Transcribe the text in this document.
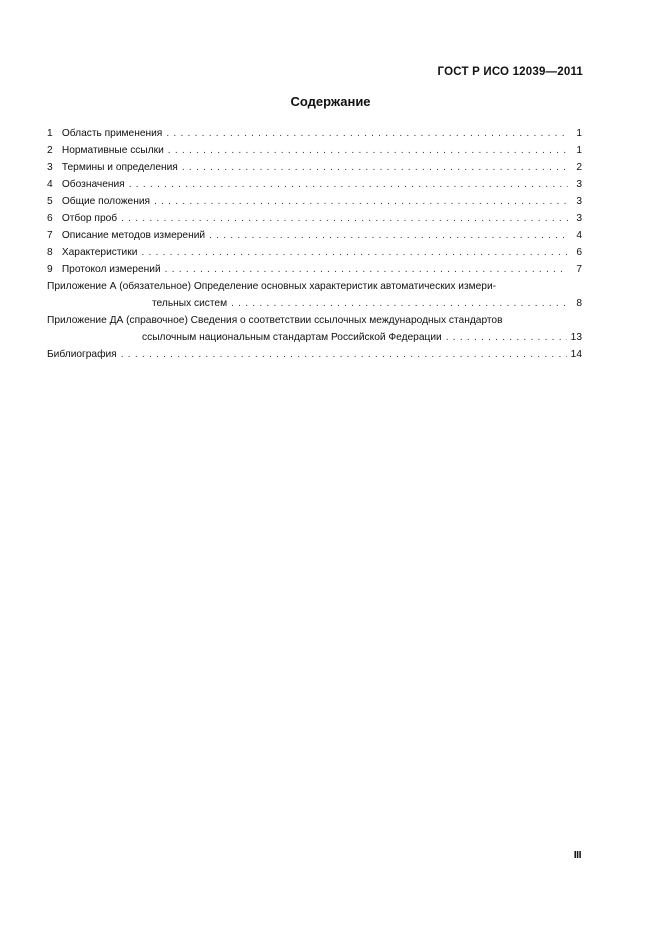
ГОСТ Р ИСО 12039—2011
Содержание
1 Область применения . . .	1
2 Нормативные ссылки . . .	1
3 Термины и определения . . .	2
4 Обозначения . . .	3
5 Общие положения . . .	3
6 Отбор проб . . .	3
7 Описание методов измерений . . .	4
8 Характеристики . . .	6
9 Протокол измерений . . .	7
Приложение А (обязательное) Определение основных характеристик автоматических измери-
тельных систем . . .	8
Приложение ДА (справочное) Сведения о соответствии ссылочных международных стандартов
ссылочным национальным стандартам Российской Федерации . . .	13
Библиография . . .	14
III
